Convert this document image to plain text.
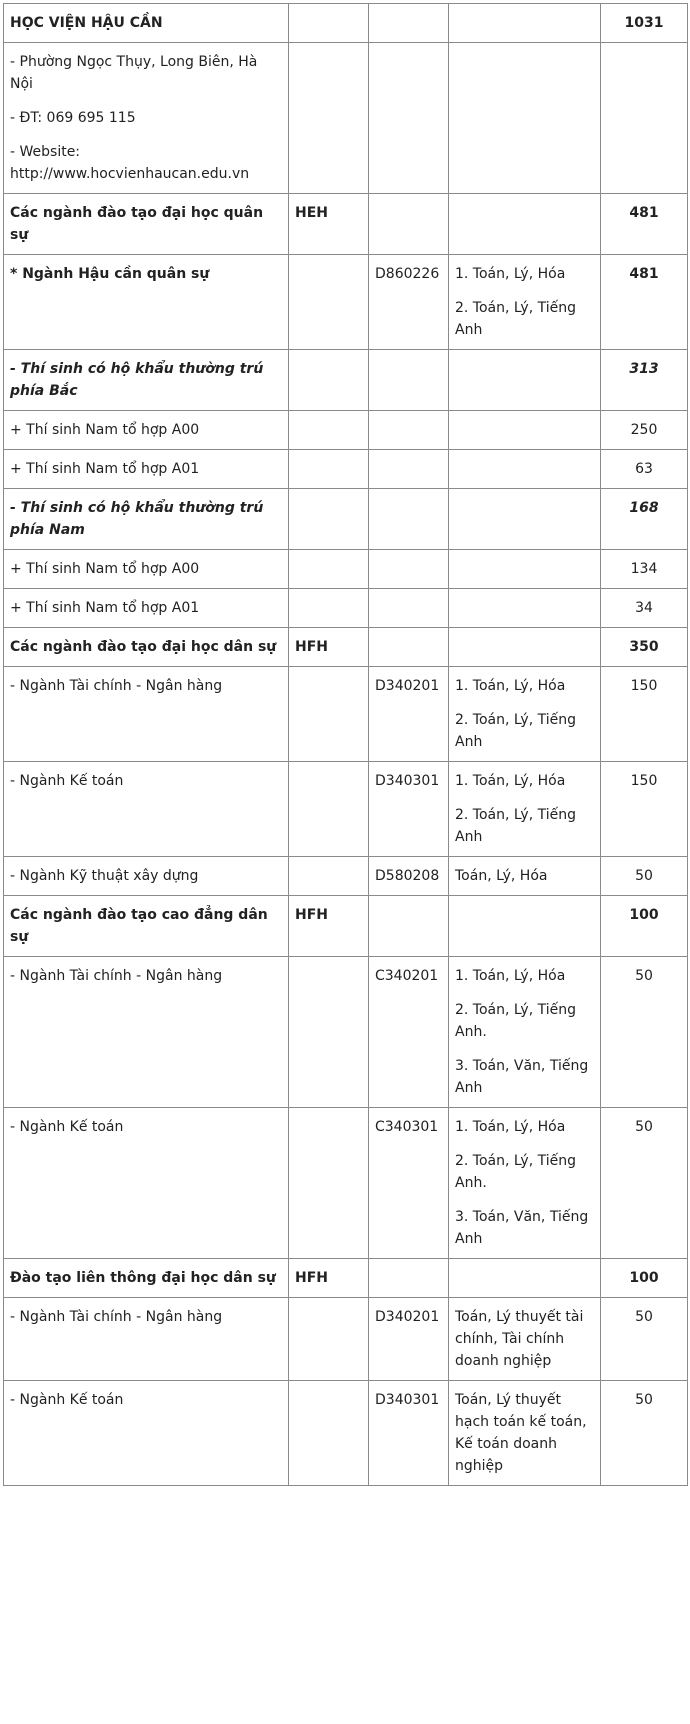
HỌC VIỆN HẬU CẦN				1031

- Phường Ngọc Thụy, Long Biên, Hà Nội

- ĐT: 069 695 115

- Website: http://www.hocvienhaucan.edu.vn				

Các ngành đào tạo đại học quân sự	HEH			481
* Ngành Hậu cần quân sự		D860226	1. Toán, Lý, Hóa
2. Toán, Lý, Tiếng Anh	481
- Thí sinh có hộ khẩu thường trú phía Bắc				313
+ Thí sinh Nam tổ hợp A00				250
+ Thí sinh Nam tổ hợp A01				63
- Thí sinh có hộ khẩu thường trú phía Nam				168
+ Thí sinh Nam tổ hợp A00				134
+ Thí sinh Nam tổ hợp A01				34
Các ngành đào tạo đại học dân sự	HFH			350
- Ngành Tài chính - Ngân hàng		D340201	1. Toán, Lý, Hóa
2. Toán, Lý, Tiếng Anh	150
- Ngành Kế toán		D340301	1. Toán, Lý, Hóa
2. Toán, Lý, Tiếng Anh	150
- Ngành Kỹ thuật xây dựng		D580208	Toán, Lý, Hóa	50
Các ngành đào tạo cao đẳng dân sự	HFH			100
- Ngành Tài chính - Ngân hàng		C340201	1. Toán, Lý, Hóa
2. Toán, Lý, Tiếng Anh.
3. Toán, Văn, Tiếng Anh	50
- Ngành Kế toán		C340301	1. Toán, Lý, Hóa
2. Toán, Lý, Tiếng Anh.
3. Toán, Văn, Tiếng Anh	50
Đào tạo liên thông đại học dân sự	HFH			100
- Ngành Tài chính - Ngân hàng		D340201	Toán, Lý thuyết tài chính, Tài chính doanh nghiệp	50
- Ngành Kế toán		D340301	Toán, Lý thuyết hạch toán kế toán, Kế toán doanh nghiệp	50
